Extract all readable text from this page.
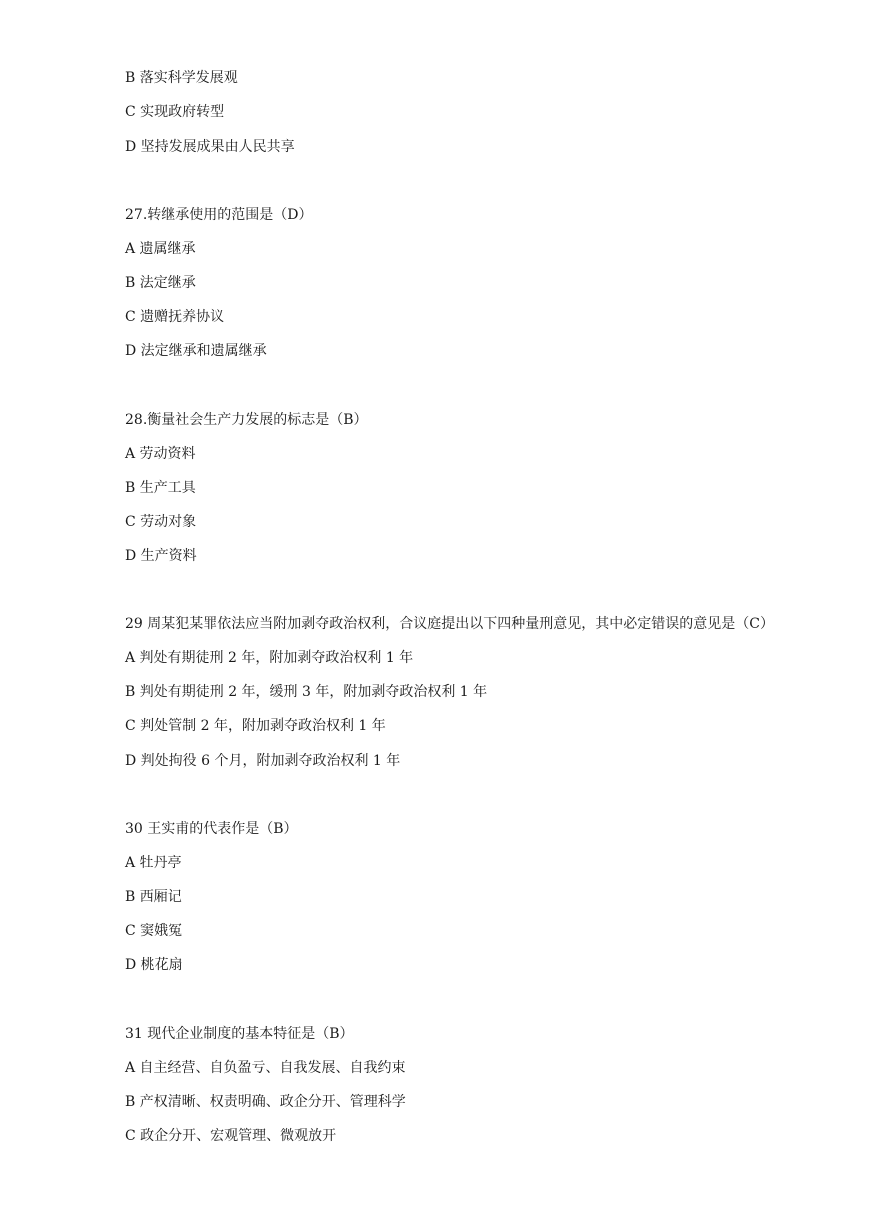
B 落实科学发展观
C 实现政府转型
D 坚持发展成果由人民共享
27.转继承使用的范围是（D）
A 遗属继承
B 法定继承
C 遗赠抚养协议
D 法定继承和遗属继承
28.衡量社会生产力发展的标志是（B）
A 劳动资料
B 生产工具
C 劳动对象
D 生产资料
29 周某犯某罪依法应当附加剥夺政治权利，合议庭提出以下四种量刑意见，其中必定错误的意见是（C）
A 判处有期徒刑 2 年，附加剥夺政治权利 1 年
B 判处有期徒刑 2 年，缓刑 3 年，附加剥夺政治权利 1 年
C 判处管制 2 年，附加剥夺政治权利 1 年
D 判处拘役 6 个月，附加剥夺政治权利 1 年
30 王实甫的代表作是（B）
A 牡丹亭
B 西厢记
C 窦娥冤
D 桃花扇
31 现代企业制度的基本特征是（B）
A 自主经营、自负盈亏、自我发展、自我约束
B 产权清晰、权责明确、政企分开、管理科学
C 政企分开、宏观管理、微观放开
